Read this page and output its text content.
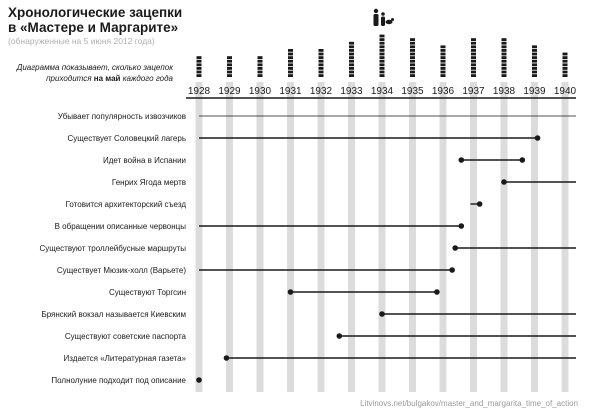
1928 1929 1930 1931 1932 1933 1934 1935 1936 1937 1938 1939 1940
Убывает популярность извозчиков
Существует Соловецкий лагерь
Идет война в Испании
Генрих Ягода мертв
Готовится архитекторский съезд
В обращении описанные червонцы
Существуют троллейбусные маршруты
Существует Мюзик-холл (Варьете)
Существуют Торгсин
Брянский вокзал называется Киевским
Существуют советские паспорта
Издается «Литературная газета»
Полнолуние подходит под описание
Хронологические зацепки
в «Мастере и Маргарите»
(обнаруженные на 5 июня 2012 года)
Диаграмма показывает, сколько зацепок приходится на май каждого года
Litvinovs.net/bulgakov/master_and_margarita_time_of_action
